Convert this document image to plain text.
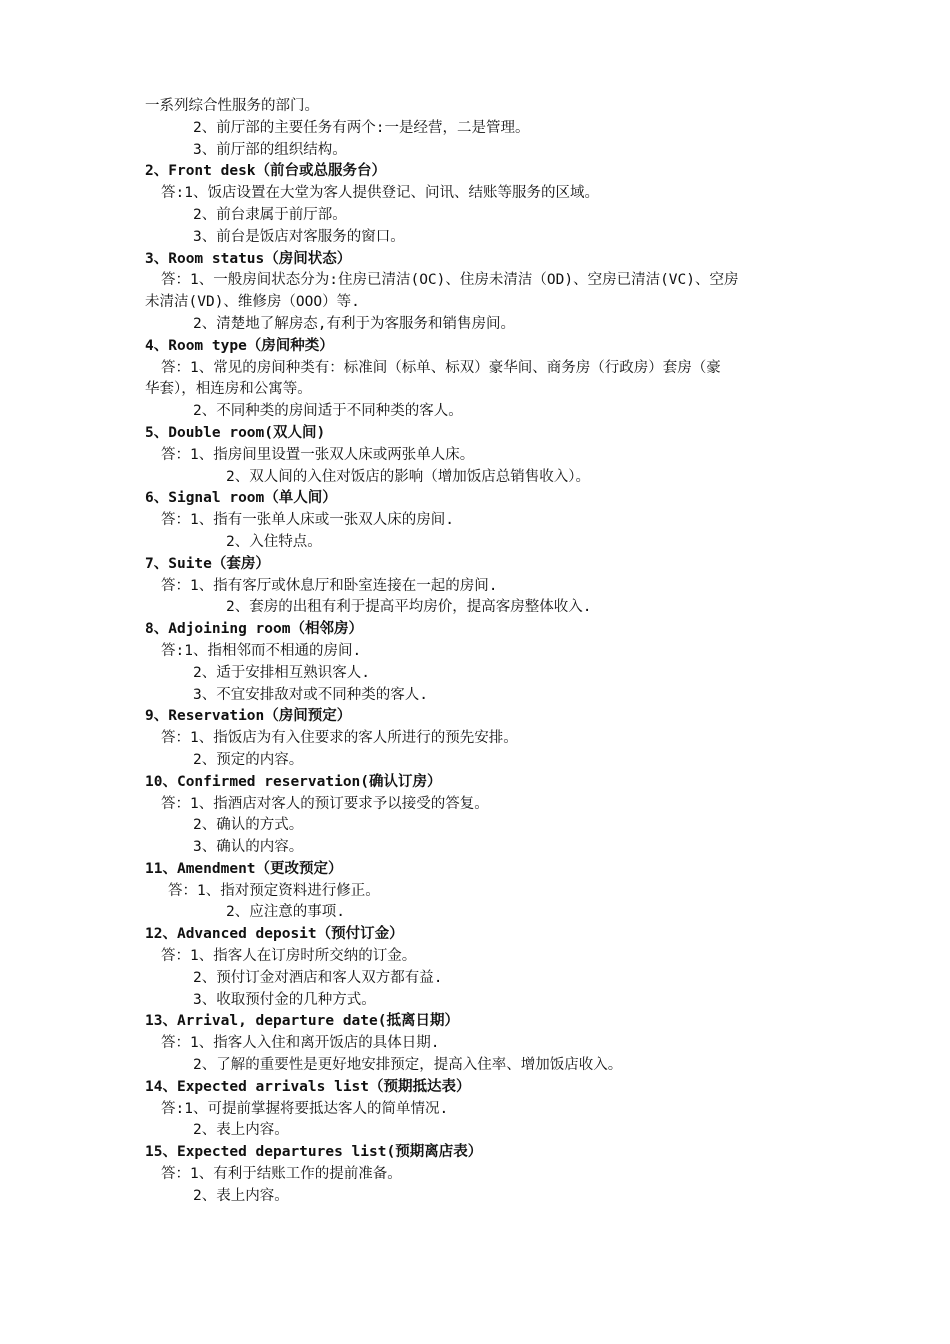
一系列综合性服务的部门。
2、前厅部的主要任务有两个:一是经营，二是管理。
3、前厅部的组织结构。
2、Front desk（前台或总服务台）
答:1、饭店设置在大堂为客人提供登记、问讯、结账等服务的区域。
2、前台隶属于前厅部。
3、前台是饭店对客服务的窗口。
3、Room status（房间状态）
答：1、一般房间状态分为:住房已清洁(OC)、住房未清洁（OD)、空房已清洁(VC)、空房
未清洁(VD)、维修房（OOO）等.
2、清楚地了解房态,有利于为客服务和销售房间。
4、Room type（房间种类）
答：1、常见的房间种类有：标准间（标单、标双）豪华间、商务房（行政房）套房（豪
华套），相连房和公寓等。
2、不同种类的房间适于不同种类的客人。
5、Double room(双人间)
答：1、指房间里设置一张双人床或两张单人床。
2、双人间的入住对饭店的影响（增加饭店总销售收入）。
6、Signal room（单人间）
答：1、指有一张单人床或一张双人床的房间.
2、入住特点。
7、Suite（套房）
答：1、指有客厅或休息厅和卧室连接在一起的房间.
2、套房的出租有利于提高平均房价，提高客房整体收入.
8、Adjoining room（相邻房）
答:1、指相邻而不相通的房间.
2、适于安排相互熟识客人.
3、不宜安排敌对或不同种类的客人.
9、Reservation（房间预定）
答：1、指饭店为有入住要求的客人所进行的预先安排。
2、预定的内容。
10、Confirmed reservation(确认订房）
答：1、指酒店对客人的预订要求予以接受的答复。
2、确认的方式。
3、确认的内容。
11、Amendment（更改预定）
答：1、指对预定资料进行修正。
2、应注意的事项.
12、Advanced deposit（预付订金）
答：1、指客人在订房时所交纳的订金。
2、预付订金对酒店和客人双方都有益.
3、收取预付金的几种方式。
13、Arrival, departure date(抵离日期）
答：1、指客人入住和离开饭店的具体日期.
2、了解的重要性是更好地安排预定，提高入住率、增加饭店收入。
14、Expected arrivals list（预期抵达表）
答:1、可提前掌握将要抵达客人的简单情况.
2、表上内容。
15、Expected departures list(预期离店表）
答：1、有利于结账工作的提前准备。
2、表上内容。
